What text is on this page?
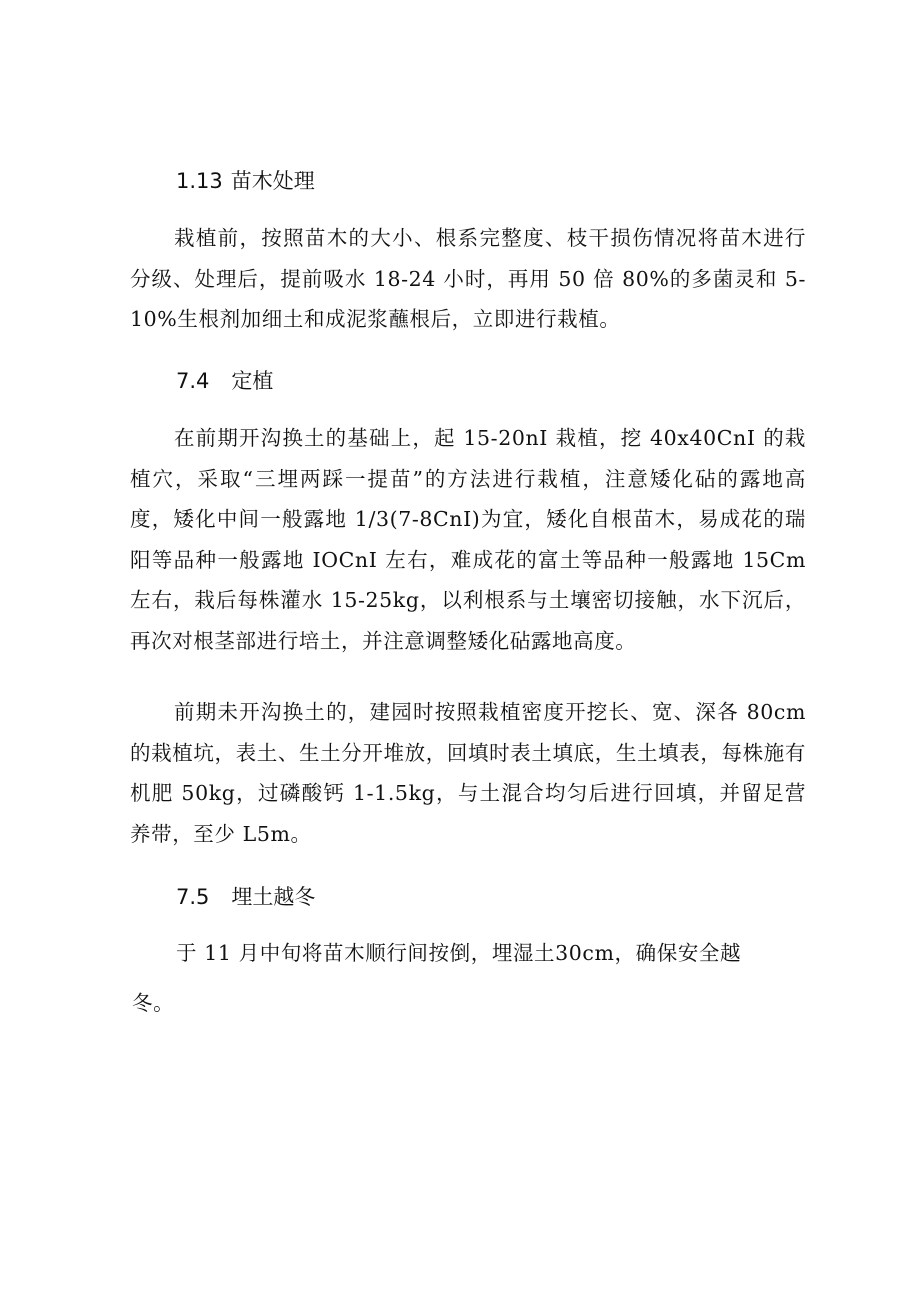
1.13 苗木处理

栽植前，按照苗木的大小、根系完整度、枝干损伤情况将苗木进行分级、处理后，提前吸水 18-24 小时，再用 50 倍 80%的多菌灵和 5-10%生根剂加细土和成泥浆蘸根后，立即进行栽植。

7.4 定植

在前期开沟换土的基础上，起 15-20nI 栽植，挖 40x40CnI 的栽植穴，采取“三埋两踩一提苗”的方法进行栽植，注意矮化砧的露地高度，矮化中间一般露地 1/3(7-8CnI)为宜，矮化自根苗木，易成花的瑞阳等品种一般露地 IOCnI 左右，难成花的富土等品种一般露地 15Cm 左右，栽后每株灌水 15-25kg，以利根系与土壤密切接触，水下沉后，再次对根茎部进行培土，并注意调整矮化砧露地高度。

前期未开沟换土的，建园时按照栽植密度开挖长、宽、深各 80cm的栽植坑，表土、生土分开堆放，回填时表土填底，生土填表，每株施有机肥 50kg，过磷酸钙 1-1.5kg，与土混合均匀后进行回填，并留足营养带，至少 L5m。

7.5 埋土越冬
于 11 月中旬将苗木顺行间按倒，埋湿土30cm，确保安全越
冬。
